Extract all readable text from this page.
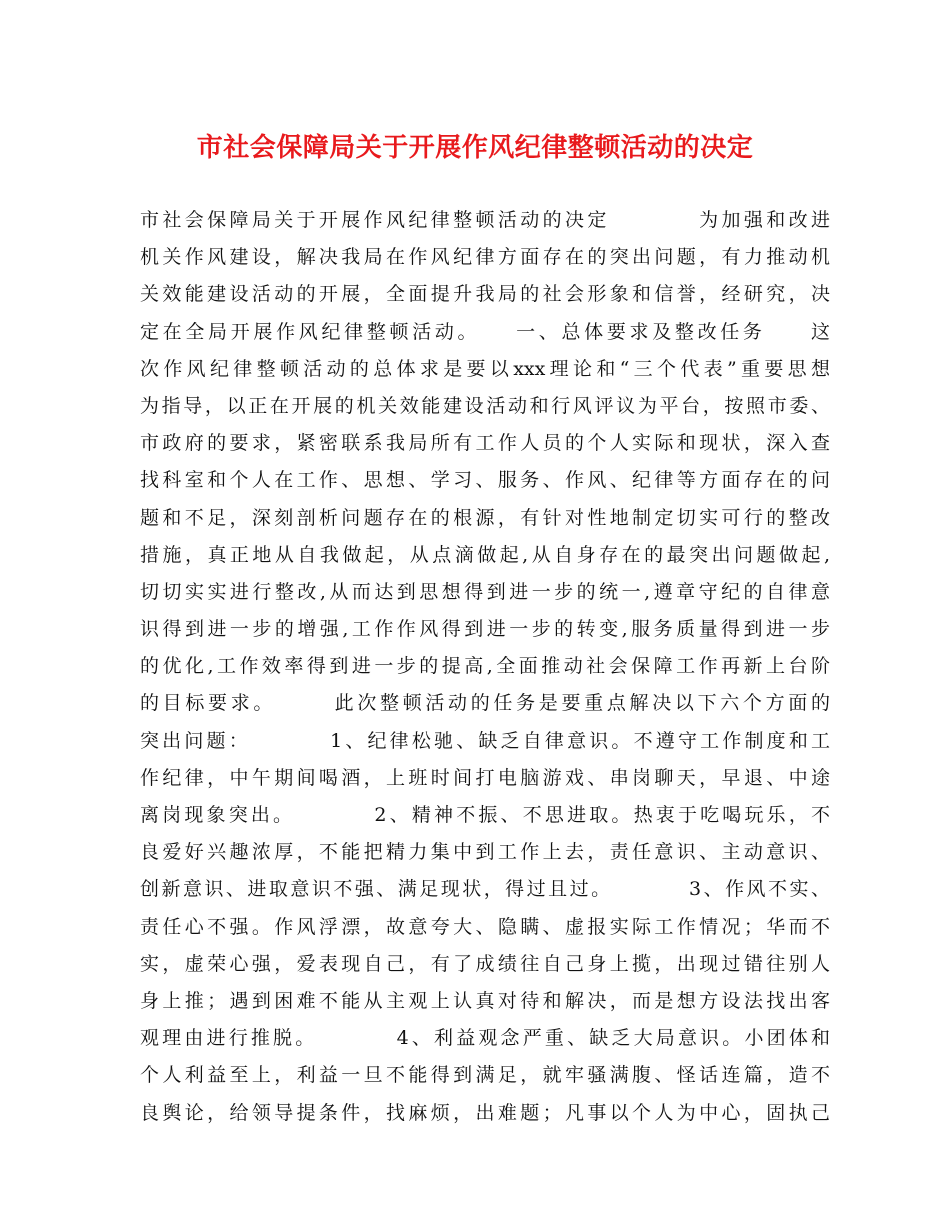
市社会保障局关于开展作风纪律整顿活动的决定
市社会保障局关于开展作风纪律整顿活动的决定　　　　为加强和改进
机关作风建设，解决我局在作风纪律方面存在的突出问题，有力推动机
关效能建设活动的开展，全面提升我局的社会形象和信誉，经研究，决
定在全局开展作风纪律整顿活动。　　一、总体要求及整改任务　　这
次作风纪律整顿活动的总体求是要以xxx理论和“三个代表”重要思想
为指导，以正在开展的机关效能建设活动和行风评议为平台，按照市委、
市政府的要求，紧密联系我局所有工作人员的个人实际和现状，深入查
找科室和个人在工作、思想、学习、服务、作风、纪律等方面存在的问
题和不足，深刻剖析问题存在的根源，有针对性地制定切实可行的整改
措施，真正地从自我做起，从点滴做起,从自身存在的最突出问题做起,
切切实实进行整改,从而达到思想得到进一步的统一,遵章守纪的自律意
识得到进一步的增强,工作作风得到进一步的转变,服务质量得到进一步
的优化,工作效率得到进一步的提高,全面推动社会保障工作再新上台阶
的目标要求。　　　此次整顿活动的任务是要重点解决以下六个方面的
突出问题：　　　　1、纪律松驰、缺乏自律意识。不遵守工作制度和工
作纪律，中午期间喝酒，上班时间打电脑游戏、串岗聊天，早退、中途
离岗现象突出。　　　　2、精神不振、不思进取。热衷于吃喝玩乐，不
良爱好兴趣浓厚，不能把精力集中到工作上去，责任意识、主动意识、
创新意识、进取意识不强、满足现状，得过且过。　　　　3、作风不实、
责任心不强。作风浮漂，故意夸大、隐瞒、虚报实际工作情况；华而不
实，虚荣心强，爱表现自己，有了成绩往自己身上揽，出现过错往别人
身上推；遇到困难不能从主观上认真对待和解决，而是想方设法找出客
观理由进行推脱。　　　　4、利益观念严重、缺乏大局意识。小团体和
个人利益至上，利益一旦不能得到满足，就牢骚满腹、怪话连篇，造不
良舆论，给领导提条件，找麻烦，出难题；凡事以个人为中心，固执己
